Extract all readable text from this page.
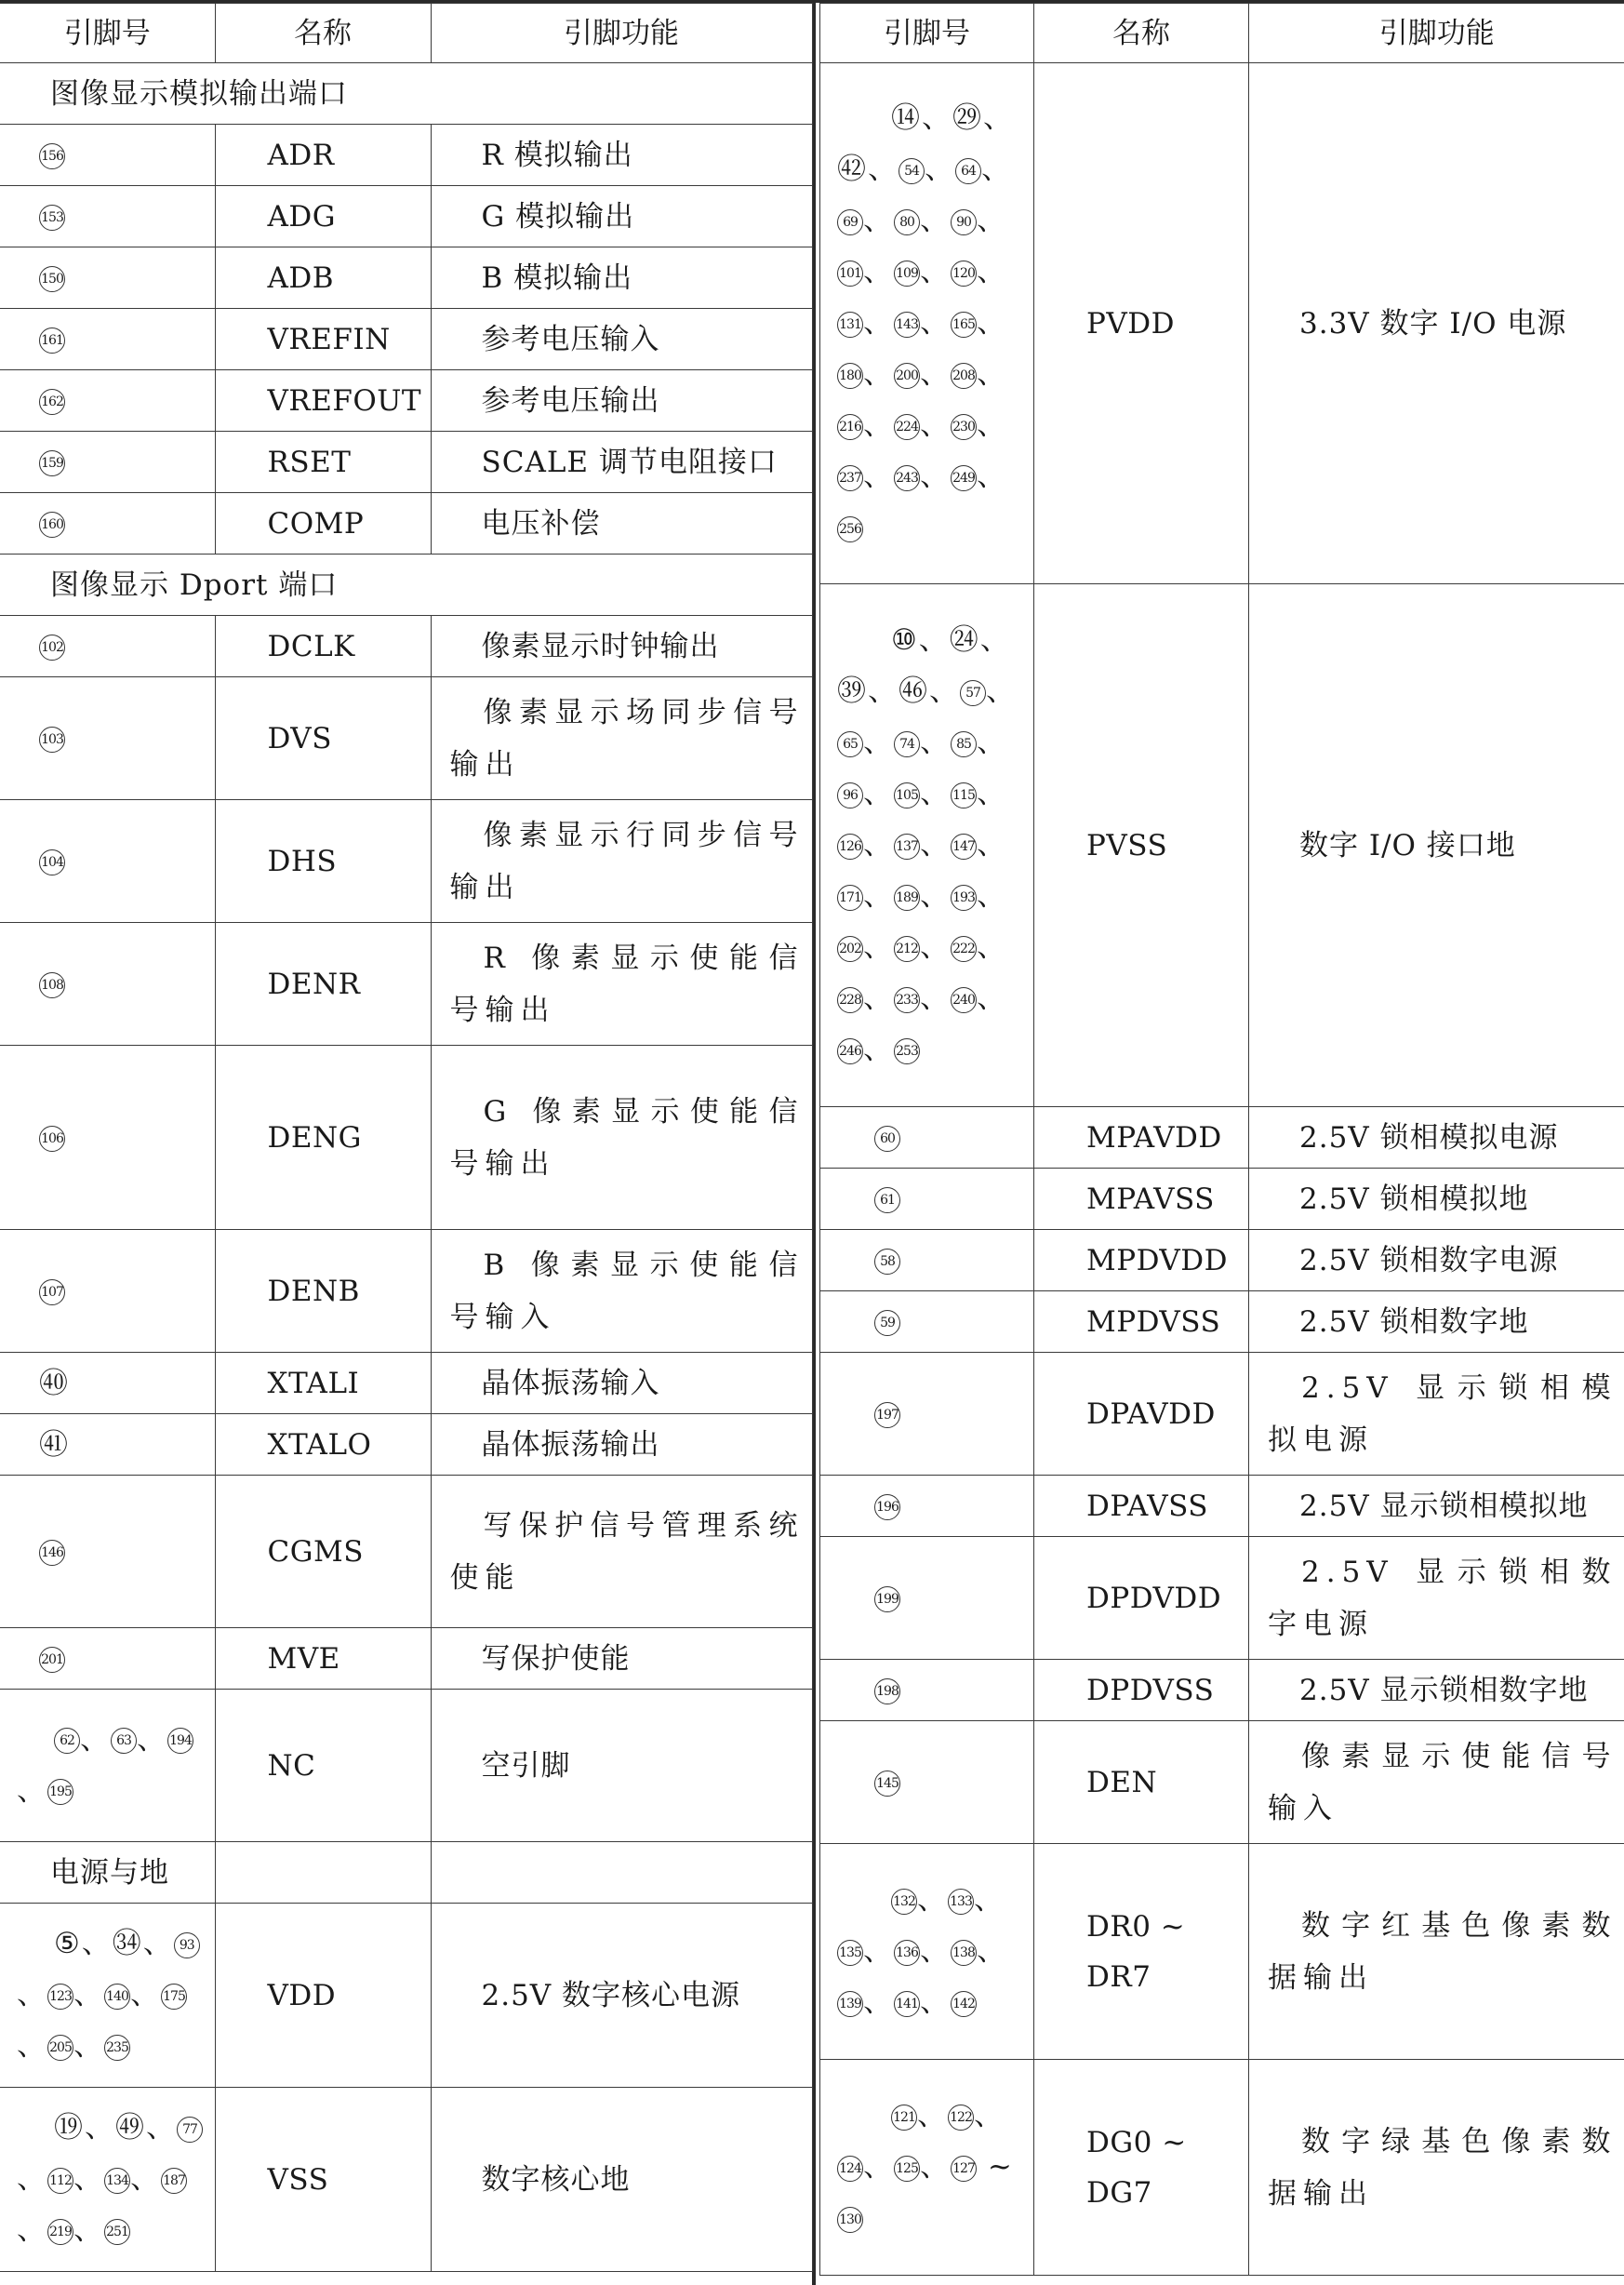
引脚号	名称	引脚功能
图像显示模拟输出端口		
156	ADR	R 模拟输出
153	ADG	G 模拟输出
150	ADB	B 模拟输出
161	VREFIN	参考电压输入
162	VREFOUT	参考电压输出
159	RSET	SCALE 调节电阻接口
160	COMP	电压补偿
图像显示 Dport 端口		
102	DCLK	像素显示时钟输出
103	DVS	像素显示场同步信号输出
104	DHS	像素显示行同步信号输出
108	DENR	R 像素显示使能信号输出
106	DENG	G 像素显示使能信号输出
107	DENB	B 像素显示使能信号输入
㊵	XTALI	晶体振荡输入
㊶	XTALO	晶体振荡输出
146	CGMS	写保护信号管理系统使能
201	MVE	写保护使能
62 、 63 、 194、 195	NC	空引脚
电源与地		
⑤、㉞、 93、 123、 140、 175、 205、 235	VDD	2.5V 数字核心电源
⑲、㊾、 77、 112、 134、 187、 219、 251	VSS	数字核心地
引脚号	名称	引脚功能
⑭、㉙、㊷、 54 、 64 、69 、 80 、 90 、101、 109、 120、131、 143、 165、180、 200、 208、216、 224、 230、237、 243、 249、256	PVDD	3.3V 数字 I/O 电源
⑩、㉔、㊴、㊻、 57 、65 、 74 、 85 、96 、 105、 115、126、 137、 147、171、 189、 193、202、 212、 222、228、 233、 240、246、 253	PVSS	数字 I/O 接口地
60	MPAVDD	2.5V 锁相模拟电源
61	MPAVSS	2.5V 锁相模拟地
58	MPDVDD	2.5V 锁相数字电源
59	MPDVSS	2.5V 锁相数字地
197	DPAVDD	2.5V 显示锁相模拟电源
196	DPAVSS	2.5V 显示锁相模拟地
199	DPDVDD	2.5V 显示锁相数字电源
198	DPDVSS	2.5V 显示锁相数字地
145	DEN	像素显示使能信号输入
132、 133、135、 136、 138、139、 141、 142	DR0 ~ DR7	数字红基色像素数据输出
121、 122、124、 125、 127 ~ 130	DG0 ~ DG7	数字绿基色像素数据输出
